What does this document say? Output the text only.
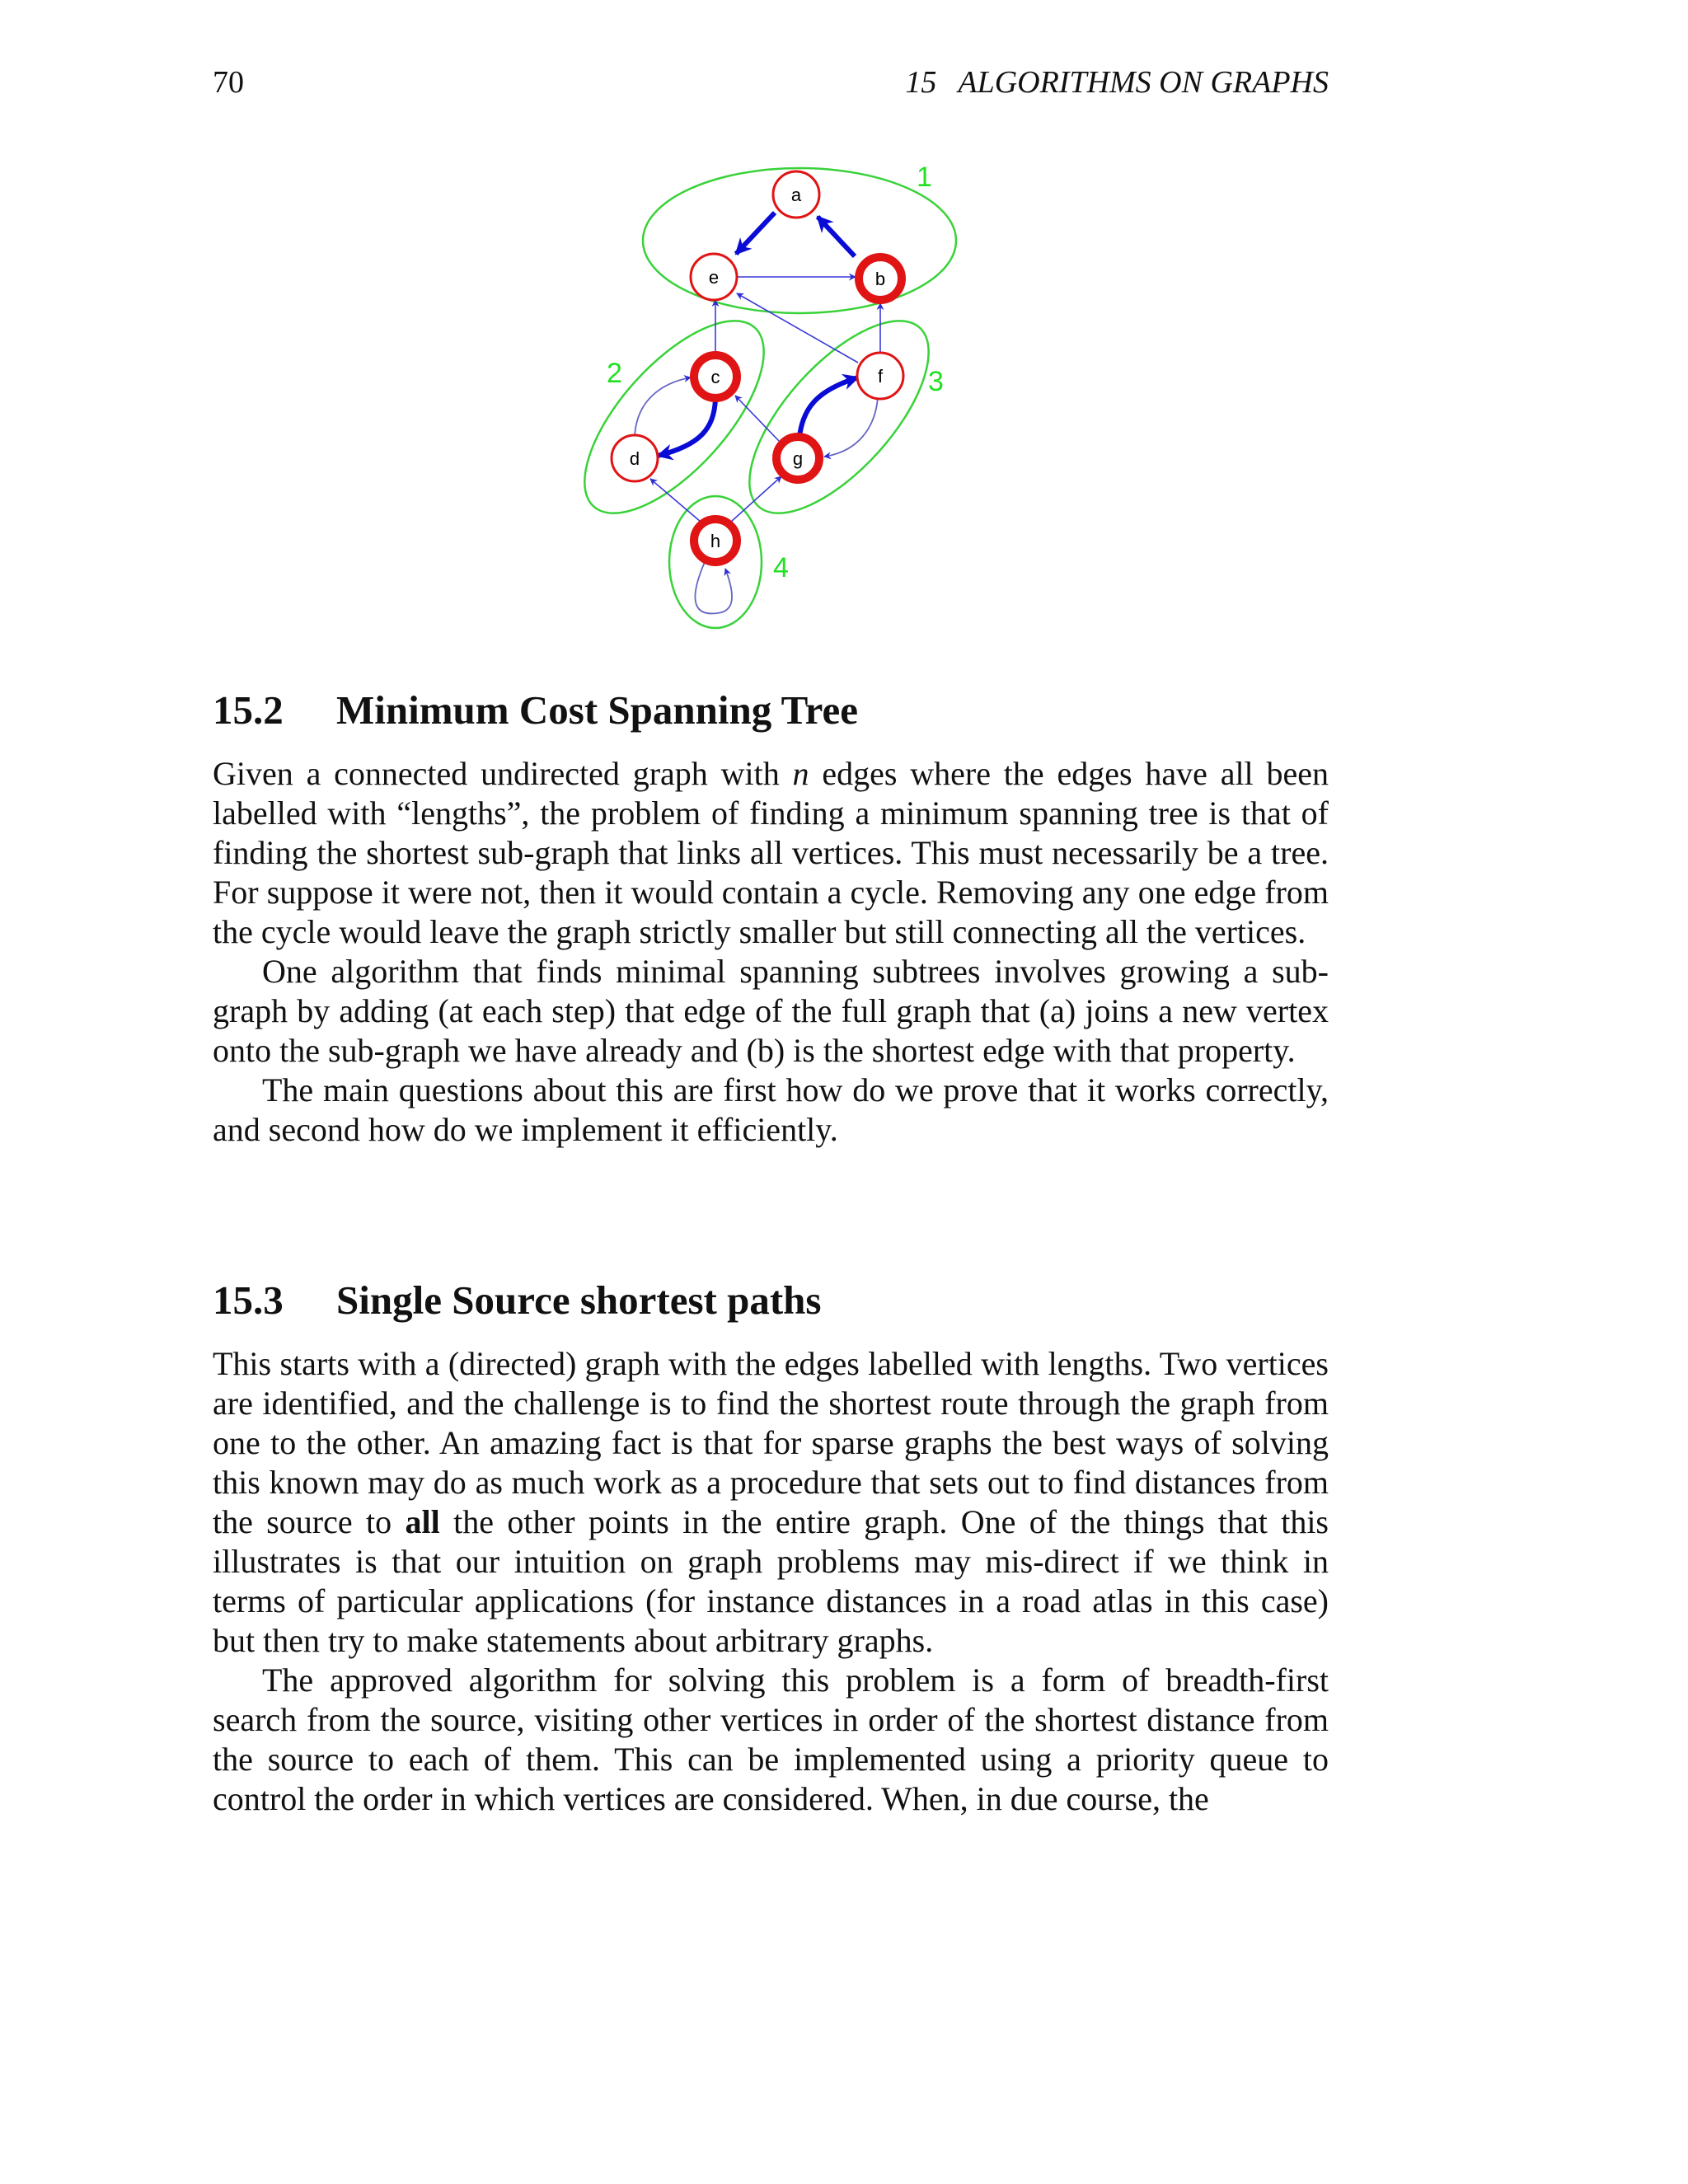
70	15 ALGORITHMS ON GRAPHS
a
b
e
c	f
d	g
h
1
2	3
4
15.2 Minimum Cost Spanning Tree

Given a connected undirected graph with n edges where the edges have all been labelled with “lengths”, the problem of finding a minimum spanning tree is that of finding the shortest sub-graph that links all vertices. This must necessarily be a tree. For suppose it were not, then it would contain a cycle. Removing any one edge from the cycle would leave the graph strictly smaller but still connecting all the vertices.

One algorithm that finds minimal spanning subtrees involves growing a sub-graph by adding (at each step) that edge of the full graph that (a) joins a new vertex onto the sub-graph we have already and (b) is the shortest edge with that property.

The main questions about this are first how do we prove that it works correctly, and second how do we implement it efficiently.

15.3 Single Source shortest paths

This starts with a (directed) graph with the edges labelled with lengths. Two vertices are identified, and the challenge is to find the shortest route through the graph from one to the other. An amazing fact is that for sparse graphs the best ways of solving this known may do as much work as a procedure that sets out to find distances from the source to all the other points in the entire graph. One of the things that this illustrates is that our intuition on graph problems may mis-direct if we think in terms of particular applications (for instance distances in a road atlas in this case) but then try to make statements about arbitrary graphs.

The approved algorithm for solving this problem is a form of breadth-first search from the source, visiting other vertices in order of the shortest distance from the source to each of them. This can be implemented using a priority queue to control the order in which vertices are considered. When, in due course, the
